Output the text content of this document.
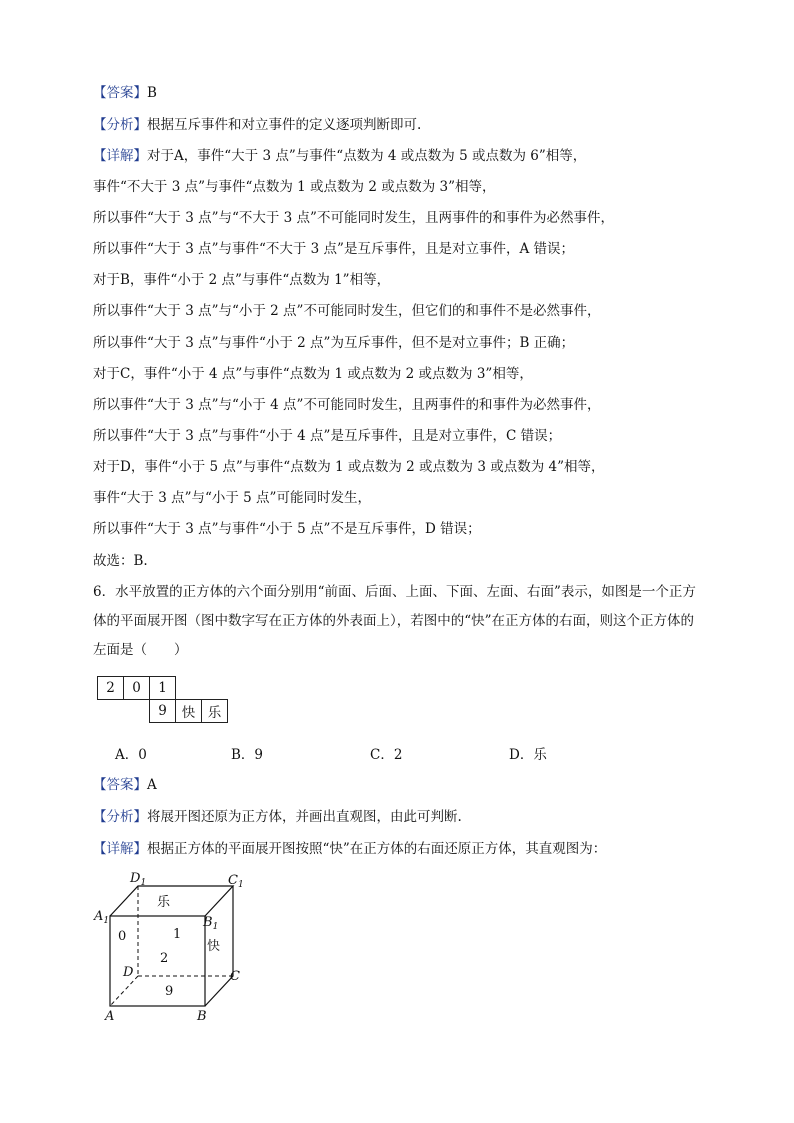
【答案】B
【分析】根据互斥事件和对立事件的定义逐项判断即可.
【详解】对于A，事件“大于 3 点”与事件“点数为 4 或点数为 5 或点数为 6”相等，
事件“不大于 3 点”与事件“点数为 1 或点数为 2 或点数为 3”相等，
所以事件“大于 3 点”与“不大于 3 点”不可能同时发生，且两事件的和事件为必然事件，
所以事件“大于 3 点”与事件“不大于 3 点”是互斥事件，且是对立事件，A 错误；
对于B，事件“小于 2 点”与事件“点数为 1”相等，
所以事件“大于 3 点”与“小于 2 点”不可能同时发生，但它们的和事件不是必然事件，
所以事件“大于 3 点”与事件“小于 2 点”为互斥事件，但不是对立事件；B 正确；
对于C，事件“小于 4 点”与事件“点数为 1 或点数为 2 或点数为 3”相等，
所以事件“大于 3 点”与“小于 4 点”不可能同时发生，且两事件的和事件为必然事件，
所以事件“大于 3 点”与事件“小于 4 点”是互斥事件，且是对立事件，C 错误；
对于D，事件“小于 5 点”与事件“点数为 1 或点数为 2 或点数为 3 或点数为 4”相等，
事件“大于 3 点”与“小于 5 点”可能同时发生，
所以事件“大于 3 点”与事件“小于 5 点”不是互斥事件，D 错误；
故选：B.
6．水平放置的正方体的六个面分别用“前面、后面、上面、下面、左面、右面”表示，如图是一个正方体的平面展开图（图中数字写在正方体的外表面上），若图中的“快”在正方体的右面，则这个正方体的左面是（　　）
2	0	1		
		9	快	乐
A．0	B．9	C．2	D．乐
【答案】A
【分析】将展开图还原为正方体，并画出直观图，由此可判断.
【详解】根据正方体的平面展开图按照“快”在正方体的右面还原正方体，其直观图为：
$D_1$	$C_1$
$A_1$	$B_1$
D	C
A	B
乐
0	1
2
快
9
